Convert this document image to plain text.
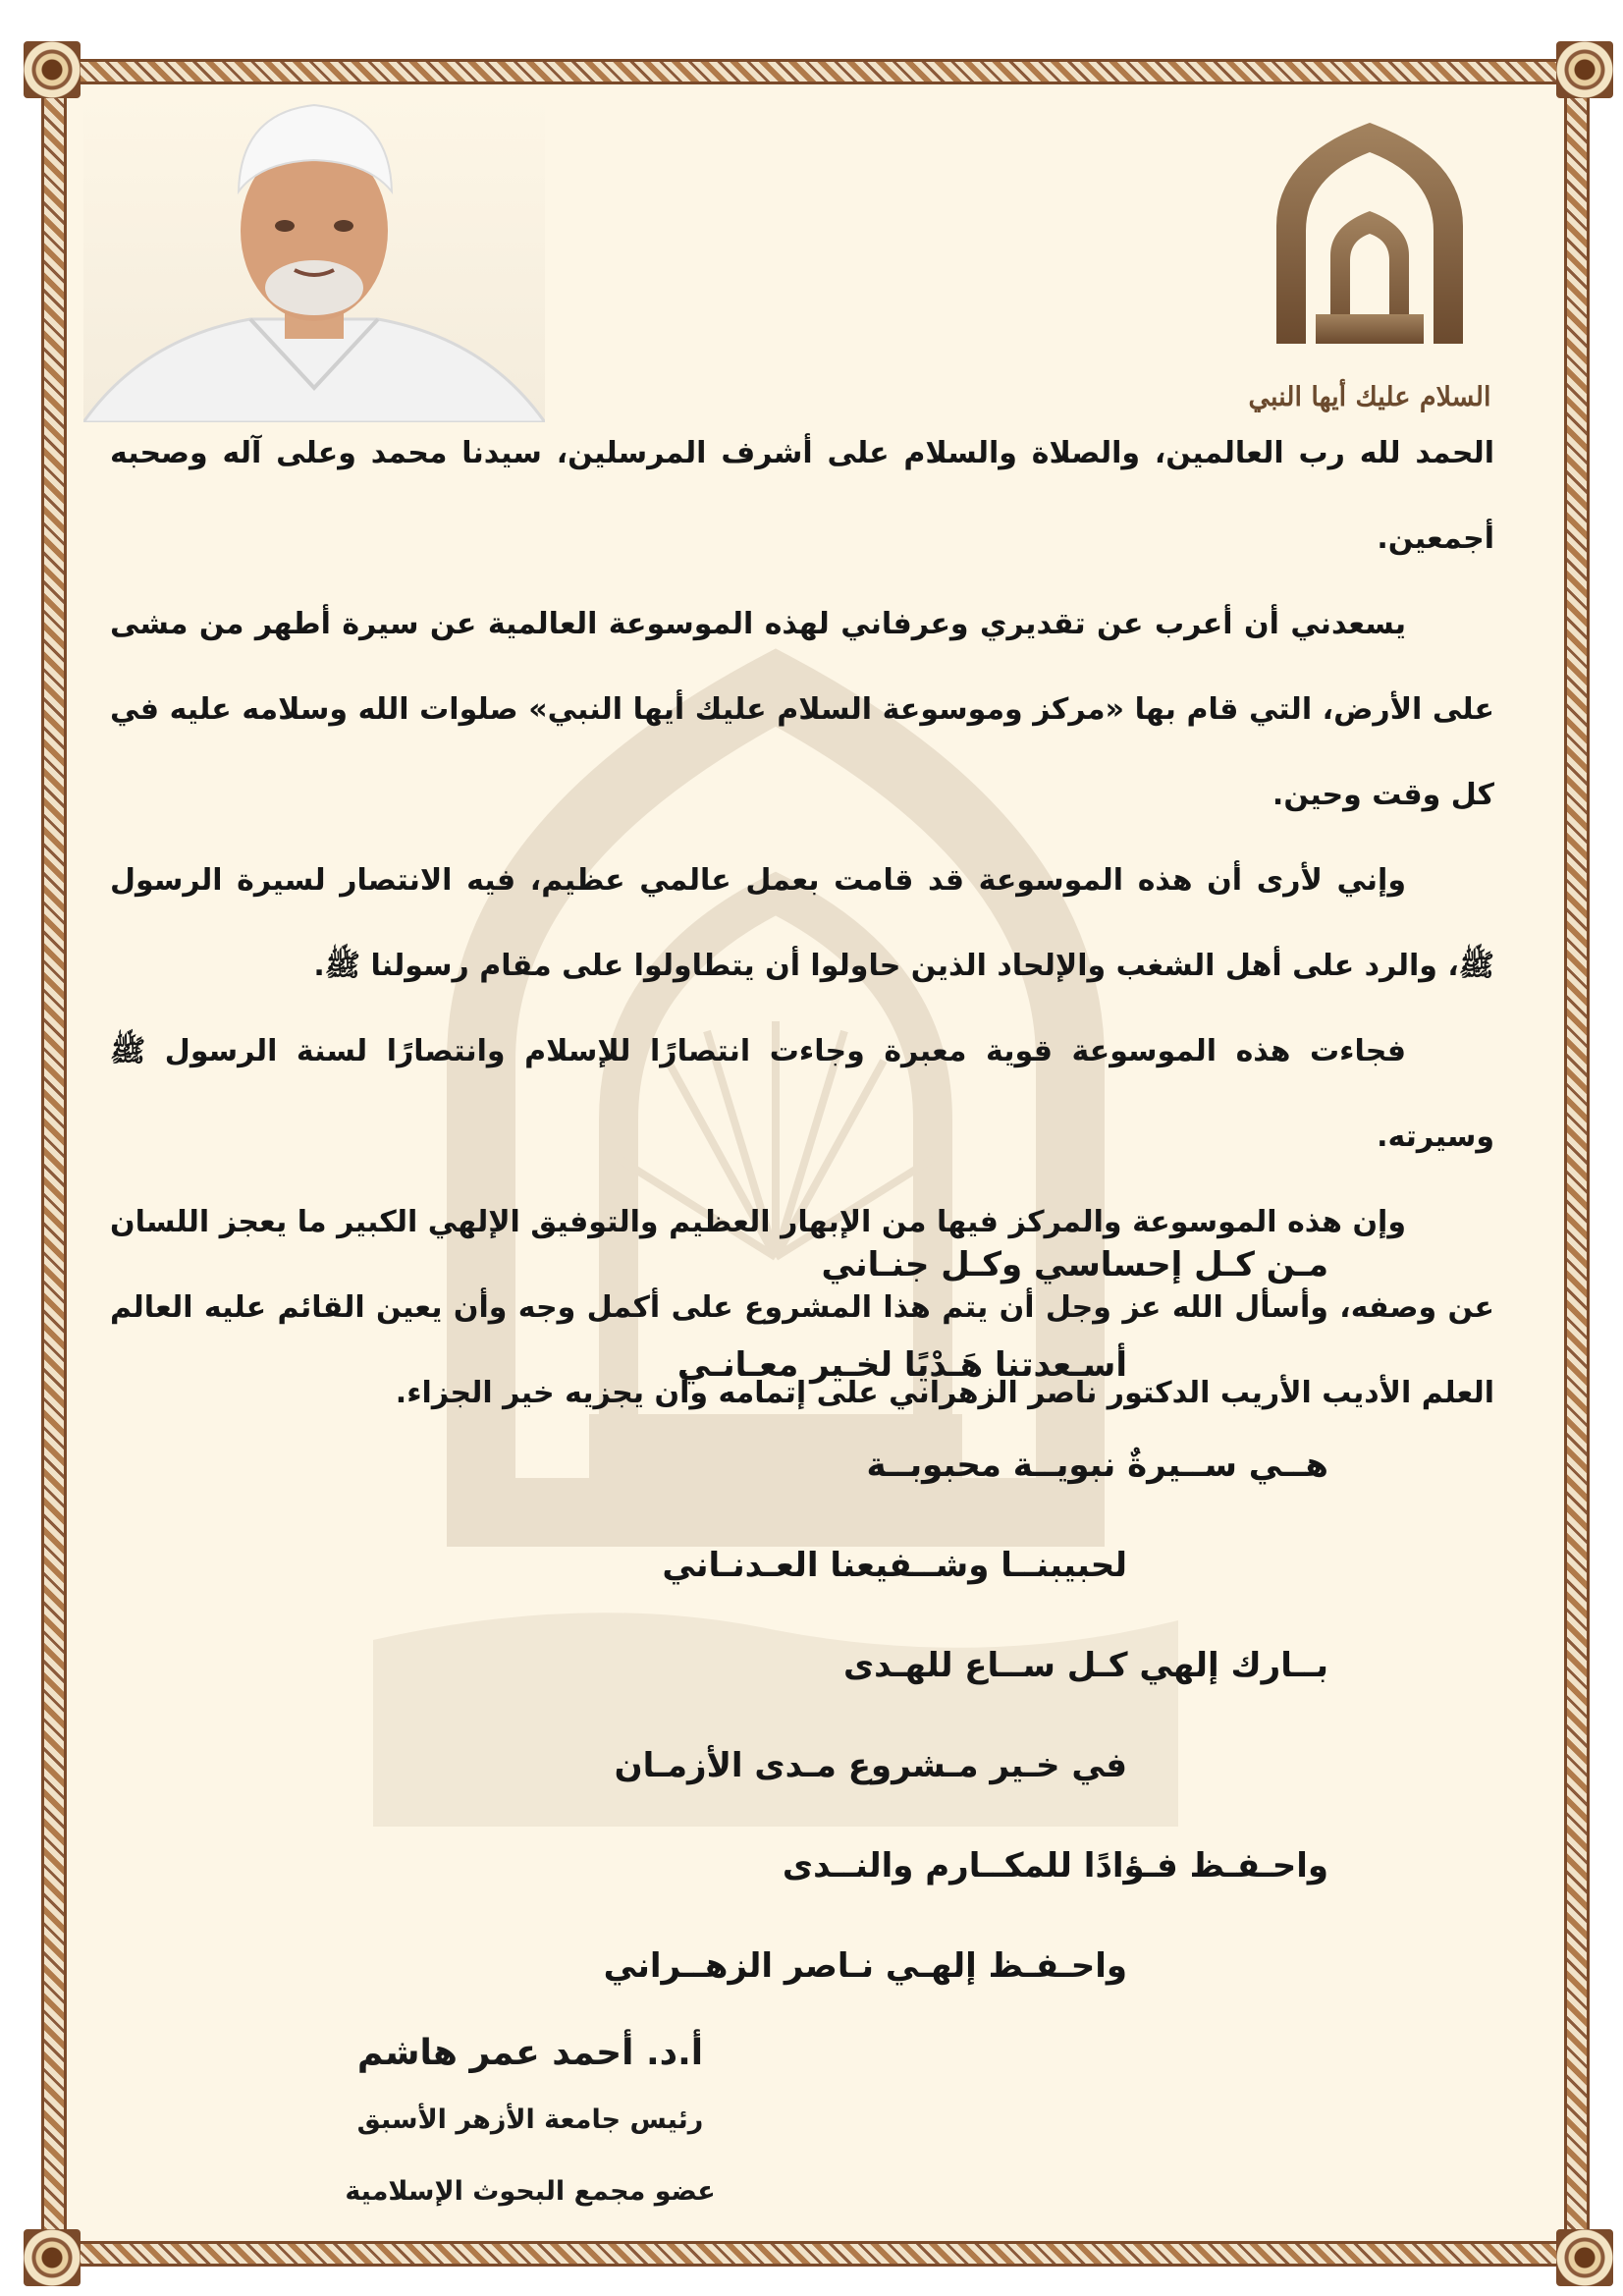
السلام عليك أيها النبي

الحمد لله رب العالمين، والصلاة والسلام على أشرف المرسلين، سيدنا محمد وعلى آله وصحبه أجمعين.

يسعدني أن أعرب عن تقديري وعرفاني لهذه الموسوعة العالمية عن سيرة أطهر من مشى على الأرض، التي قام بها «مركز وموسوعة السلام عليك أيها النبي» صلوات الله وسلامه عليه في كل وقت وحين.

وإني لأرى أن هذه الموسوعة قد قامت بعمل عالمي عظيم، فيه الانتصار لسيرة الرسول ﷺ، والرد على أهل الشغب والإلحاد الذين حاولوا أن يتطاولوا على مقام رسولنا ﷺ.

فجاءت هذه الموسوعة قوية معبرة وجاءت انتصارًا للإسلام وانتصارًا لسنة الرسول ﷺ وسيرته.

وإن هذه الموسوعة والمركز فيها من الإبهار العظيم والتوفيق الإلهي الكبير ما يعجز اللسان عن وصفه، وأسأل الله عز وجل أن يتم هذا المشروع على أكمل وجه وأن يعين القائم عليه العالم العلم الأديب الأريب الدكتور ناصر الزهراني على إتمامه وأن يجزيه خير الجزاء.

مـن كـل إحساسي وكـل جنـاني
أسـعدتنا هَـدْيًا لخـير معـانـي
هــي ســيرةٌ نبويــة محبوبــة
لحبيبنــا وشــفيعنا العـدنـاني
بــارك إلهي كـل ســاع للهـدى
في خـير مـشروع مـدى الأزمـان
واحـفـظ فـؤادًا للمكــارم والنــدى
واحـفـظ إلهـي نـاصر الزهــراني
أ.د. أحمد عمر هاشم
رئيس جامعة الأزهر الأسبق
عضو مجمع البحوث الإسلامية
